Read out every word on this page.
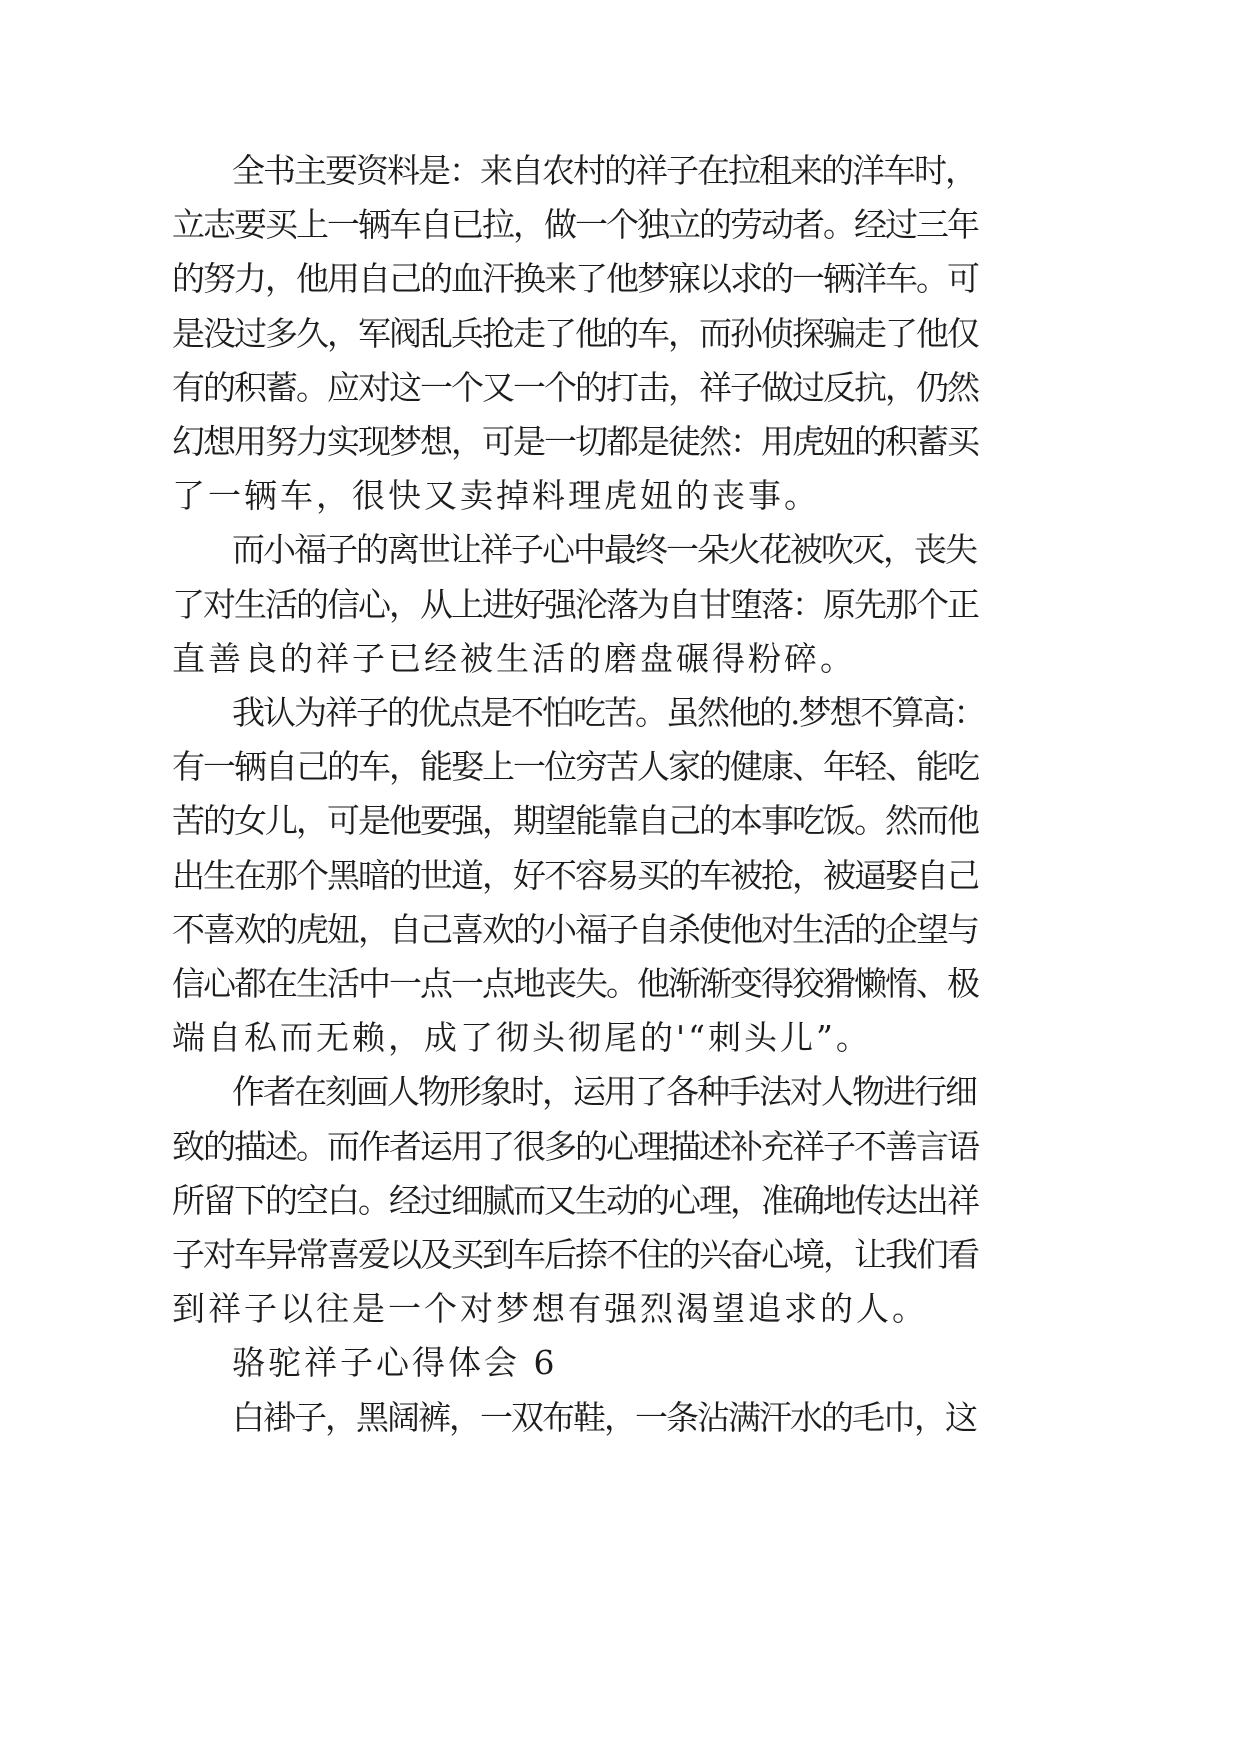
全书主要资料是：来自农村的祥子在拉租来的洋车时，
立志要买上一辆车自已拉，做一个独立的劳动者。经过三年
的努力，他用自己的血汗换来了他梦寐以求的一辆洋车。可
是没过多久，军阀乱兵抢走了他的车，而孙侦探骗走了他仅
有的积蓄。应对这一个又一个的打击，祥子做过反抗，仍然
幻想用努力实现梦想，可是一切都是徒然：用虎妞的积蓄买
了一辆车，很快又卖掉料理虎妞的丧事。
而小福子的离世让祥子心中最终一朵火花被吹灭，丧失
了对生活的信心，从上进好强沦落为自甘堕落：原先那个正
直善良的祥子已经被生活的磨盘碾得粉碎。
我认为祥子的优点是不怕吃苦。虽然他的.梦想不算高：
有一辆自己的车，能娶上一位穷苦人家的健康、年轻、能吃
苦的女儿，可是他要强，期望能靠自己的本事吃饭。然而他
出生在那个黑暗的世道，好不容易买的车被抢，被逼娶自己
不喜欢的虎妞，自己喜欢的小福子自杀使他对生活的企望与
信心都在生活中一点一点地丧失。他渐渐变得狡猾懒惰、极
端自私而无赖，成了彻头彻尾的'“刺头儿”。
作者在刻画人物形象时，运用了各种手法对人物进行细
致的描述。而作者运用了很多的心理描述补充祥子不善言语
所留下的空白。经过细腻而又生动的心理，准确地传达出祥
子对车异常喜爱以及买到车后捺不住的兴奋心境，让我们看
到祥子以往是一个对梦想有强烈渴望追求的人。
骆驼祥子心得体会 6
白褂子，黑阔裤，一双布鞋，一条沾满汗水的毛巾，这
